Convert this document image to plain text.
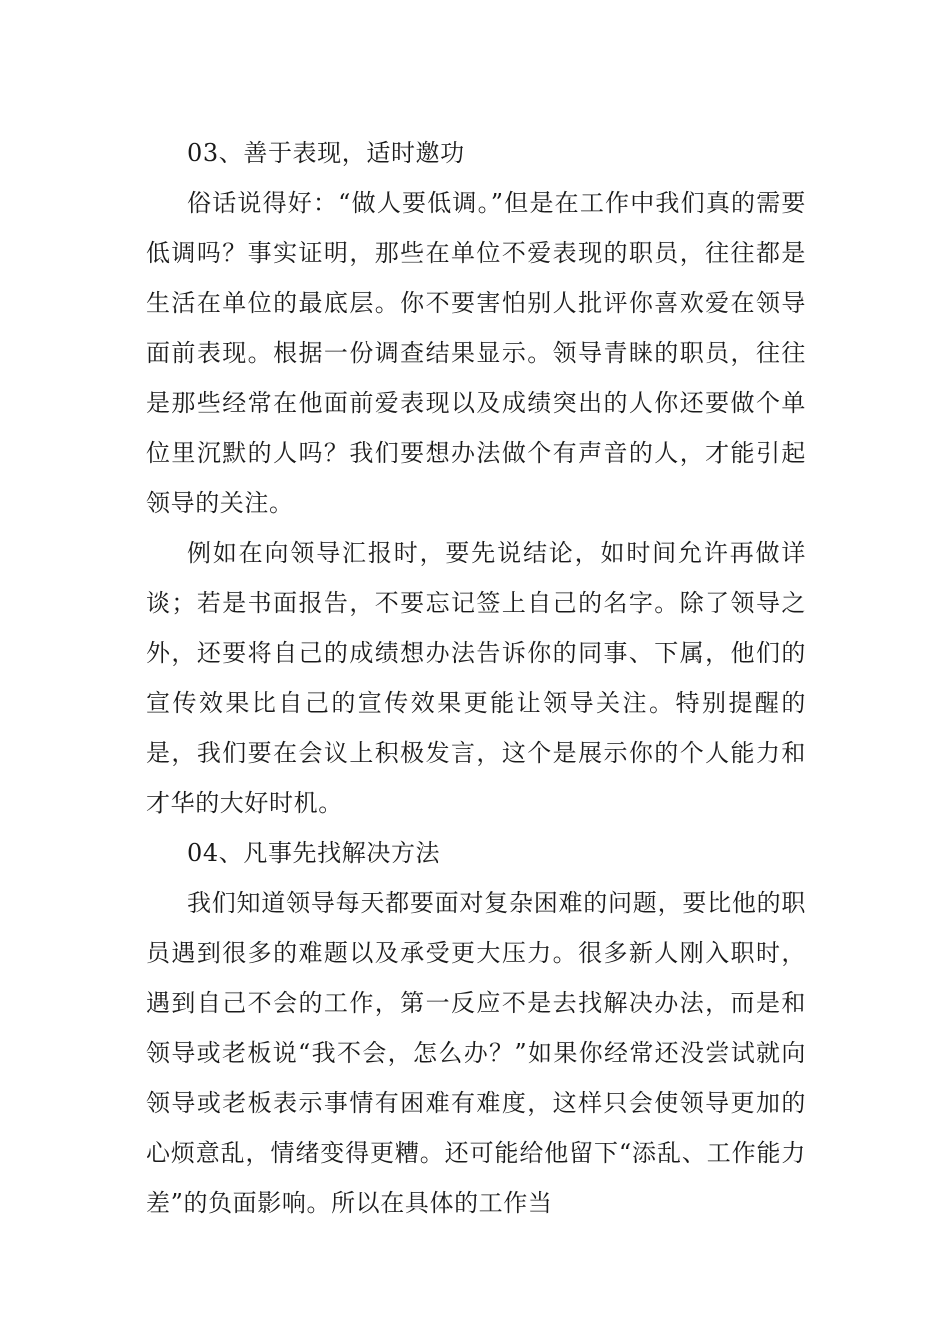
03、善于表现，适时邀功

俗话说得好：“做人要低调。”但是在工作中我们真的需要低调吗？事实证明，那些在单位不爱表现的职员，往往都是生活在单位的最底层。你不要害怕别人批评你喜欢爱在领导面前表现。根据一份调查结果显示。领导青睐的职员，往往是那些经常在他面前爱表现以及成绩突出的人你还要做个单位里沉默的人吗？我们要想办法做个有声音的人，才能引起领导的关注。

例如在向领导汇报时，要先说结论，如时间允许再做详谈；若是书面报告，不要忘记签上自己的名字。除了领导之外，还要将自己的成绩想办法告诉你的同事、下属，他们的宣传效果比自己的宣传效果更能让领导关注。特别提醒的是，我们要在会议上积极发言，这个是展示你的个人能力和才华的大好时机。

04、凡事先找解决方法

我们知道领导每天都要面对复杂困难的问题，要比他的职员遇到很多的难题以及承受更大压力。很多新人刚入职时，遇到自己不会的工作，第一反应不是去找解决办法，而是和领导或老板说“我不会，怎么办？”如果你经常还没尝试就向领导或老板表示事情有困难有难度，这样只会使领导更加的心烦意乱，情绪变得更糟。还可能给他留下“添乱、工作能力差”的负面影响。所以在具体的工作当
